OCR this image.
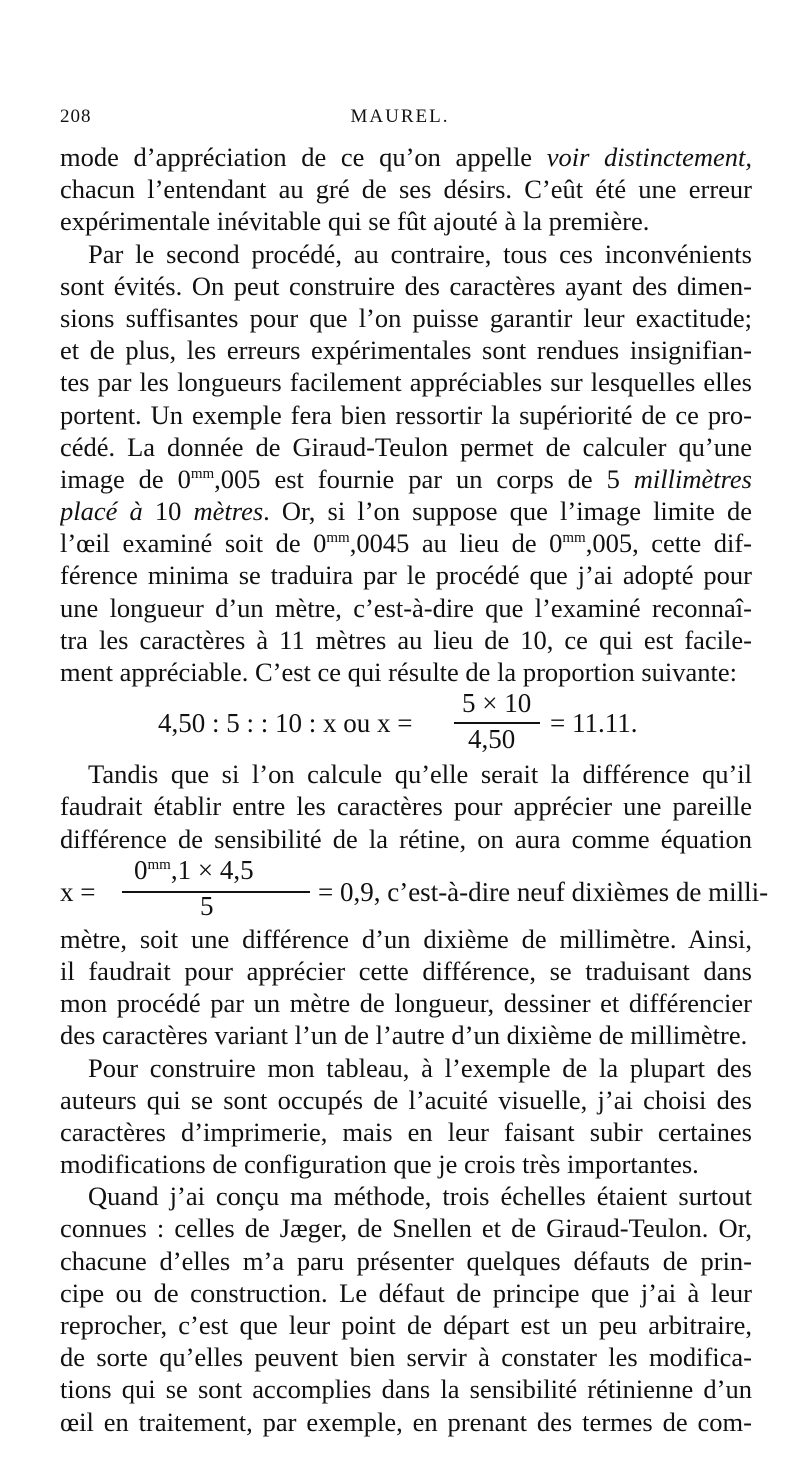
208	MAUREL.
mode d’appréciation de ce qu’on appelle voir distinctement,
chacun l’entendant au gré de ses désirs. C’eût été une erreur
expérimentale inévitable qui se fût ajouté à la première.
Par le second procédé, au contraire, tous ces inconvénients
sont évités. On peut construire des caractères ayant des dimen-
sions suffisantes pour que l’on puisse garantir leur exactitude;
et de plus, les erreurs expérimentales sont rendues insignifian-
tes par les longueurs facilement appréciables sur lesquelles elles
portent. Un exemple fera bien ressortir la supériorité de ce pro-
cédé. La donnée de Giraud-Teulon permet de calculer qu’une
image de $0^{mm},005$ est fournie par un corps de 5 millimètres
placé à 10 mètres. Or, si l’on suppose que l’image limite de
l’œil examiné soit de $0^{mm},0045$ au lieu de $0^{mm},005$, cette dif-
férence minima se traduira par le procédé que j’ai adopté pour
une longueur d’un mètre, c’est-à-dire que l’examiné reconnaî-
tra les caractères à 11 mètres au lieu de 10, ce qui est facile-
ment appréciable. C’est ce qui résulte de la proportion suivante:
4,50 : 5 : : 10 : x ou x =
5 × 10
4,50
= 11.11.
Tandis que si l’on calcule qu’elle serait la différence qu’il
faudrait établir entre les caractères pour apprécier une pareille
différence de sensibilité de la rétine, on aura comme équation
x =
$0^{mm},1 \times 4,5$
5	= 0,9, c’est-à-dire neuf dixièmes de milli-
mètre, soit une différence d’un dixième de millimètre. Ainsi,
il faudrait pour apprécier cette différence, se traduisant dans
mon procédé par un mètre de longueur, dessiner et différencier
des caractères variant l’un de l’autre d’un dixième de millimètre.
Pour construire mon tableau, à l’exemple de la plupart des
auteurs qui se sont occupés de l’acuité visuelle, j’ai choisi des
caractères d’imprimerie, mais en leur faisant subir certaines
modifications de configuration que je crois très importantes.
Quand j’ai conçu ma méthode, trois échelles étaient surtout
connues : celles de Jæger, de Snellen et de Giraud-Teulon. Or,
chacune d’elles m’a paru présenter quelques défauts de prin-
cipe ou de construction. Le défaut de principe que j’ai à leur
reprocher, c’est que leur point de départ est un peu arbitraire,
de sorte qu’elles peuvent bien servir à constater les modifica-
tions qui se sont accomplies dans la sensibilité rétinienne d’un
œil en traitement, par exemple, en prenant des termes de com-
